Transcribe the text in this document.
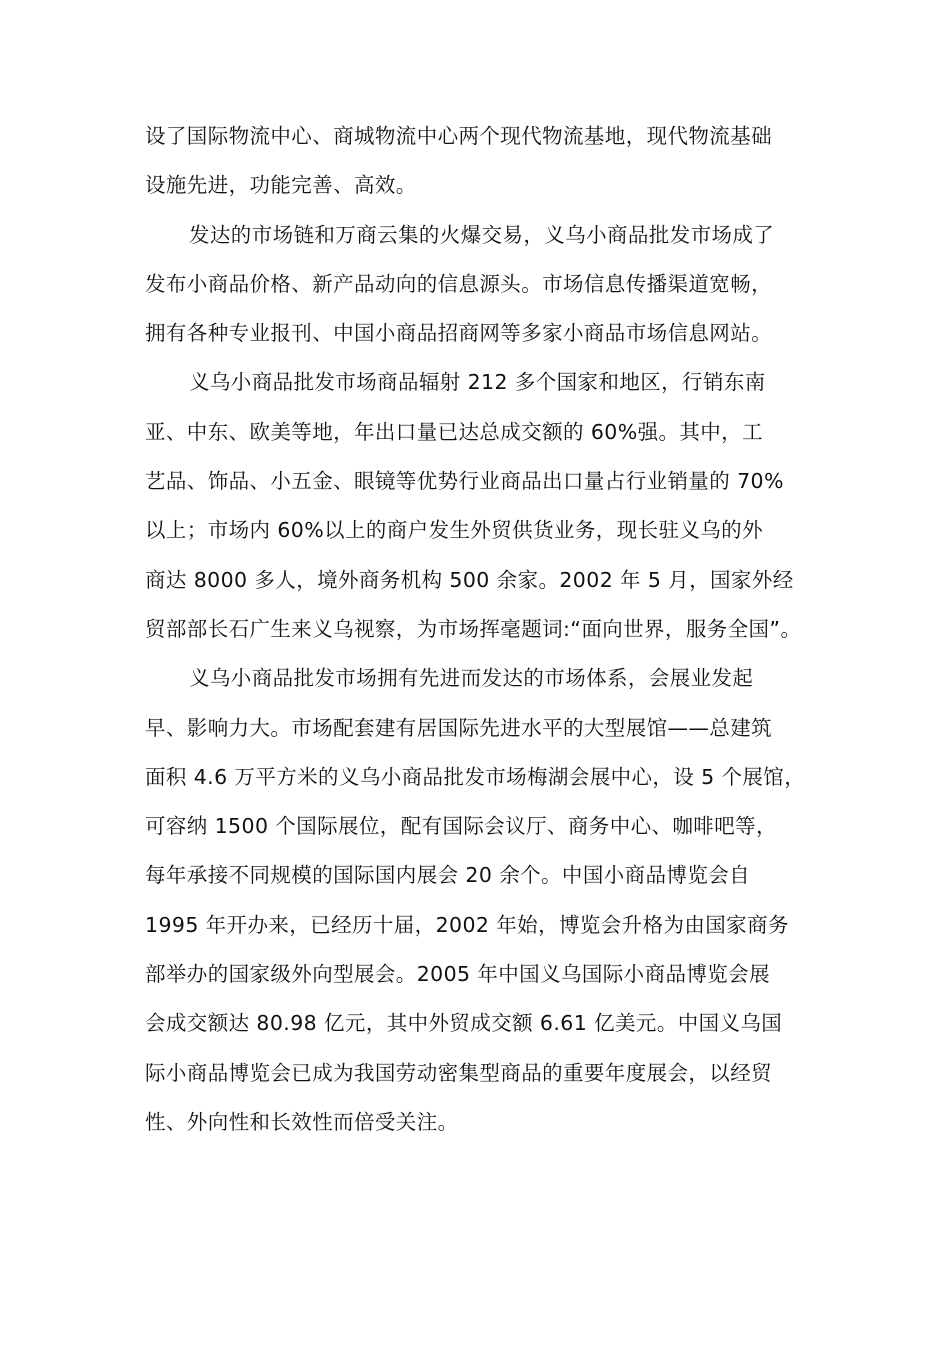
设了国际物流中心、商城物流中心两个现代物流基地，现代物流基础
设施先进，功能完善、高效。
发达的市场链和万商云集的火爆交易，义乌小商品批发市场成了
发布小商品价格、新产品动向的信息源头。市场信息传播渠道宽畅，
拥有各种专业报刊、中国小商品招商网等多家小商品市场信息网站。
义乌小商品批发市场商品辐射 212 多个国家和地区，行销东南
亚、中东、欧美等地，年出口量已达总成交额的 60%强。其中，工
艺品、饰品、小五金、眼镜等优势行业商品出口量占行业销量的 70%
以上；市场内 60%以上的商户发生外贸供货业务，现长驻义乌的外
商达 8000 多人，境外商务机构 500 余家。2002 年 5 月，国家外经
贸部部长石广生来义乌视察，为市场挥毫题词:“面向世界，服务全国”。
义乌小商品批发市场拥有先进而发达的市场体系，会展业发起
早、影响力大。市场配套建有居国际先进水平的大型展馆——总建筑
面积 4.6 万平方米的义乌小商品批发市场梅湖会展中心，设 5 个展馆，
可容纳 1500 个国际展位，配有国际会议厅、商务中心、咖啡吧等，
每年承接不同规模的国际国内展会 20 余个。中国小商品博览会自
1995 年开办来，已经历十届，2002 年始，博览会升格为由国家商务
部举办的国家级外向型展会。2005 年中国义乌国际小商品博览会展
会成交额达 80.98 亿元，其中外贸成交额 6.61 亿美元。中国义乌国
际小商品博览会已成为我国劳动密集型商品的重要年度展会，以经贸
性、外向性和长效性而倍受关注。
